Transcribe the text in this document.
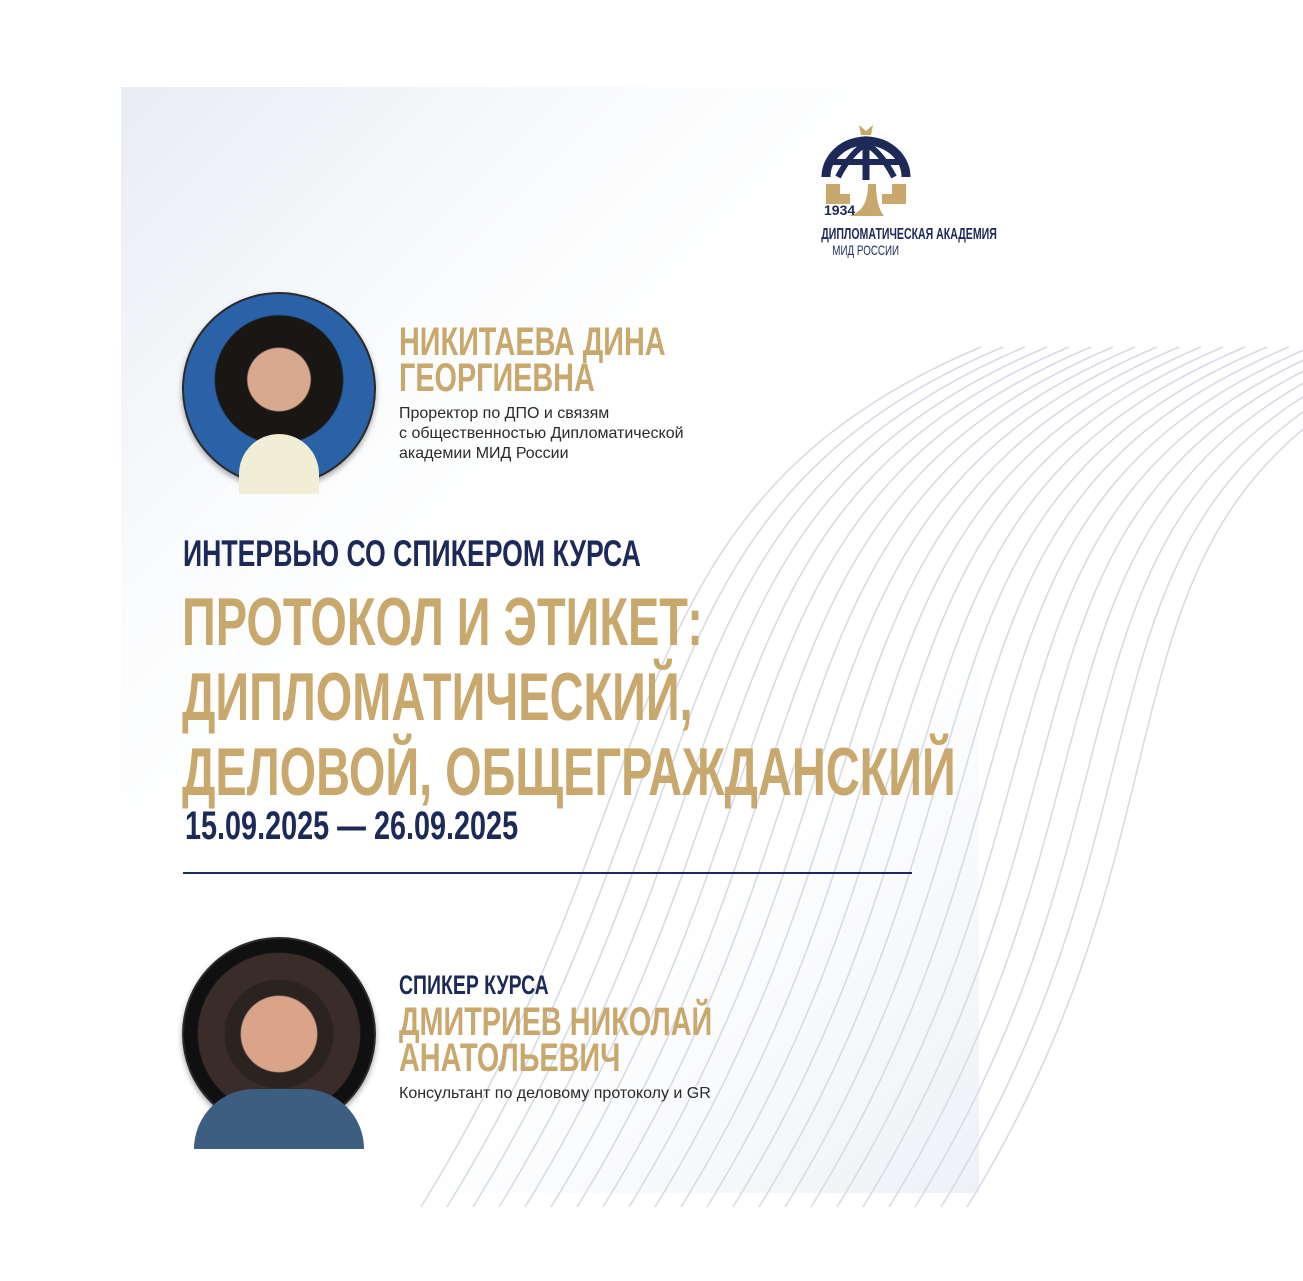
1934
ДИПЛОМАТИЧЕСКАЯ АКАДЕМИЯ
МИД РОССИИ
НИКИТАЕВА ДИНА
ГЕОРГИЕВНА
Проректор по ДПО и связям
с общественностью Дипломатической
академии МИД России
ИНТЕРВЬЮ СО СПИКЕРОМ КУРСА
ПРОТОКОЛ И ЭТИКЕТ:
ДИПЛОМАТИЧЕСКИЙ,
ДЕЛОВОЙ, ОБЩЕГРАЖДАНСКИЙ
15.09.2025 — 26.09.2025
СПИКЕР КУРСА
ДМИТРИЕВ НИКОЛАЙ
АНАТОЛЬЕВИЧ
Консультант по деловому протоколу и GR
